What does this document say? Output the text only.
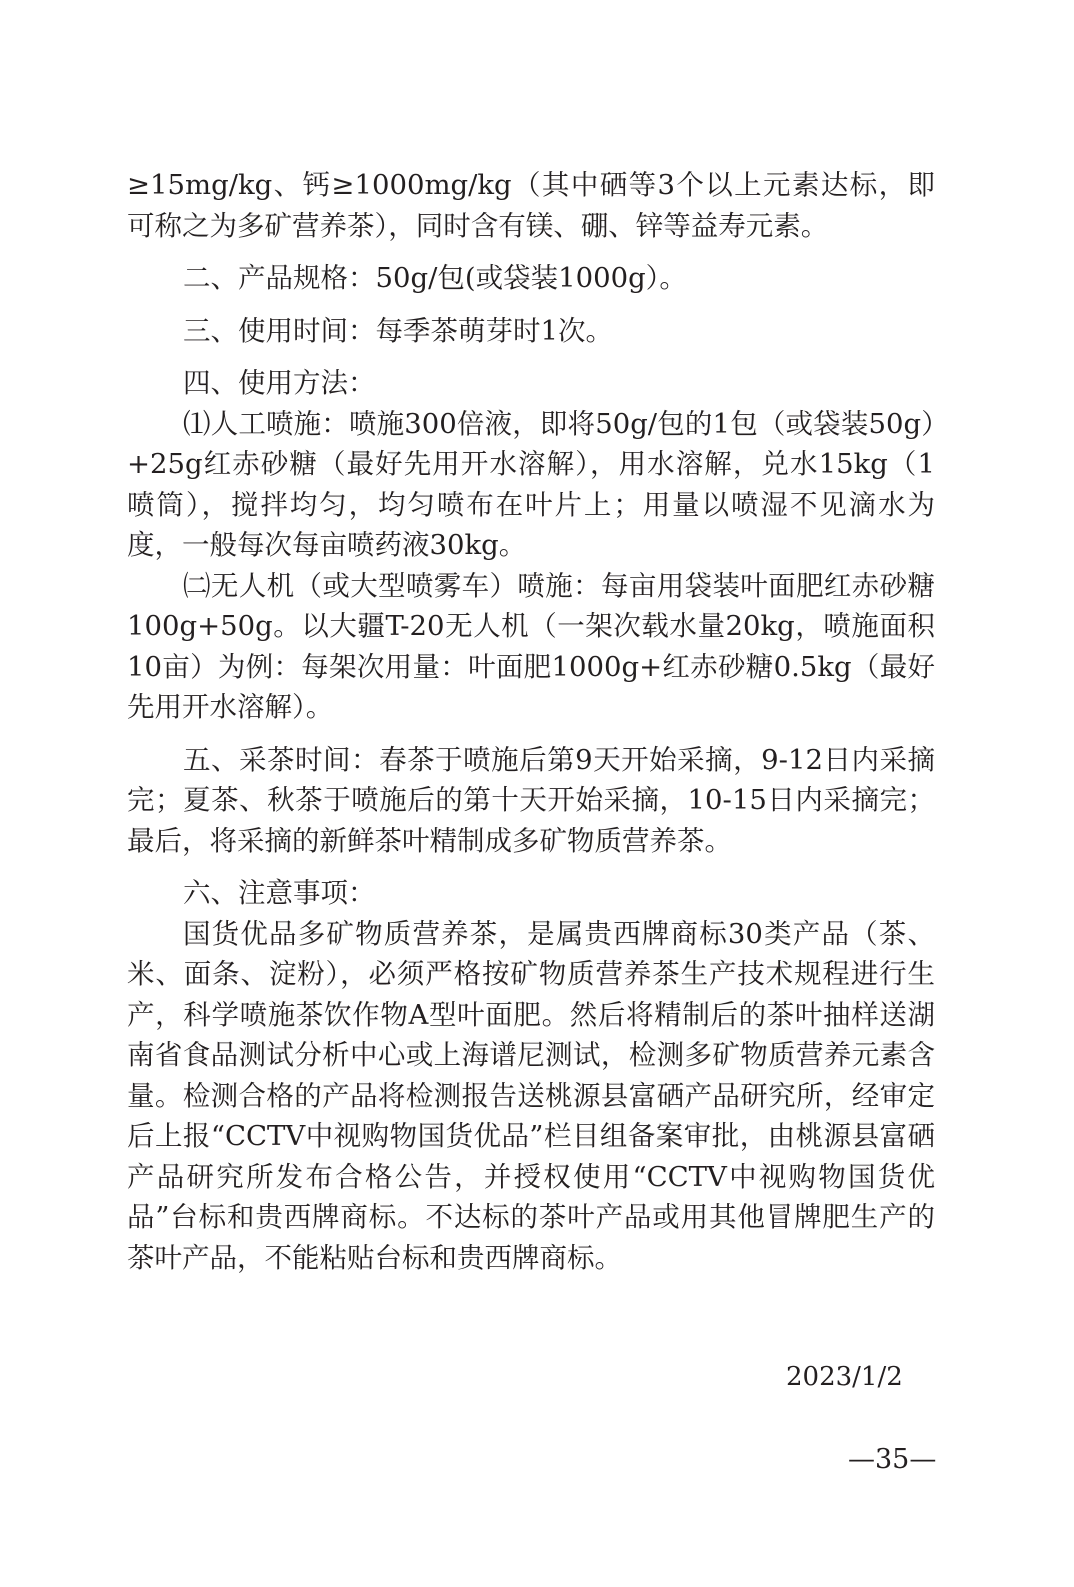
≥15mg/kg、钙≥1000mg/kg（其中硒等3个以上元素达标，即可称之为多矿营养茶），同时含有镁、硼、锌等益寿元素。

二、产品规格：50g/包(或袋装1000g）。

三、使用时间：每季茶萌芽时1次。

四、使用方法：

⑴人工喷施：喷施300倍液，即将50g/包的1包（或袋装50g）+25g红赤砂糖（最好先用开水溶解），用水溶解，兑水15kg（1喷筒），搅拌均匀，均匀喷布在叶片上；用量以喷湿不见滴水为度，一般每次每亩喷药液30kg。

㈡无人机（或大型喷雾车）喷施：每亩用袋装叶面肥红赤砂糖100g+50g。以大疆T-20无人机（一架次载水量20kg，喷施面积10亩）为例：每架次用量：叶面肥1000g+红赤砂糖0.5kg（最好先用开水溶解）。

五、采茶时间：春茶于喷施后第9天开始采摘，9-12日内采摘完；夏茶、秋茶于喷施后的第十天开始采摘，10-15日内采摘完；最后，将采摘的新鲜茶叶精制成多矿物质营养茶。

六、注意事项：

国货优品多矿物质营养茶，是属贵西牌商标30类产品（茶、米、面条、淀粉），必须严格按矿物质营养茶生产技术规程进行生产，科学喷施茶饮作物A型叶面肥。然后将精制后的茶叶抽样送湖南省食品测试分析中心或上海谱尼测试，检测多矿物质营养元素含量。检测合格的产品将检测报告送桃源县富硒产品研究所，经审定后上报“CCTV中视购物国货优品”栏目组备案审批，由桃源县富硒产品研究所发布合格公告，并授权使用“CCTV中视购物国货优品”台标和贵西牌商标。不达标的茶叶产品或用其他冒牌肥生产的茶叶产品，不能粘贴台标和贵西牌商标。

2023/1/2
—35—
